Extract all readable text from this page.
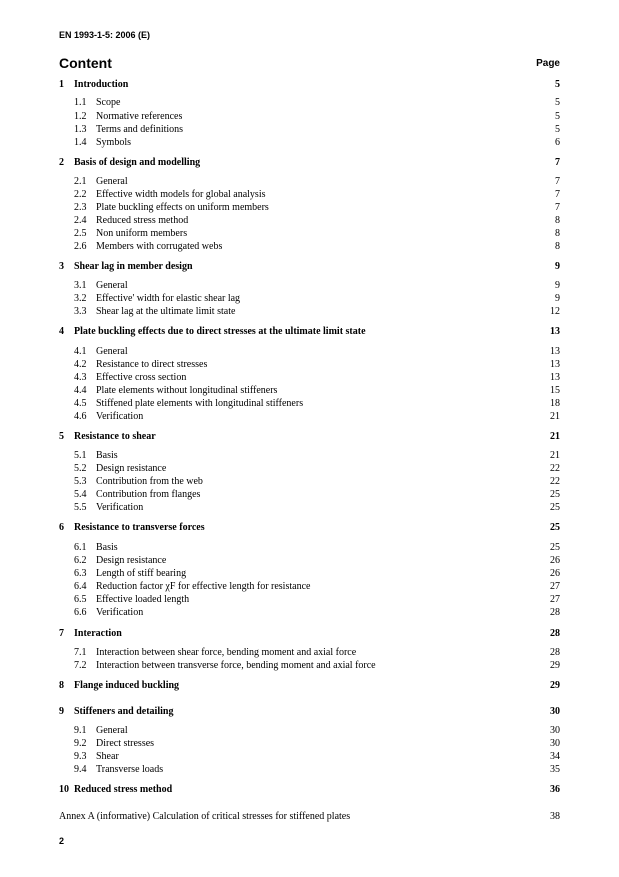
EN 1993-1-5: 2006 (E)
Content	Page
1 Introduction	5
1.1 Scope	5
1.2 Normative references	5
1.3 Terms and definitions	5
1.4 Symbols	6
2 Basis of design and modelling	7
2.1 General	7
2.2 Effective width models for global analysis	7
2.3 Plate buckling effects on uniform members	7
2.4 Reduced stress method	8
2.5 Non uniform members	8
2.6 Members with corrugated webs	8
3 Shear lag in member design	9
3.1 General	9
3.2 Effective' width for elastic shear lag	9
3.3 Shear lag at the ultimate limit state	12
4 Plate buckling effects due to direct stresses at the ultimate limit state	13
4.1 General	13
4.2 Resistance to direct stresses	13
4.3 Effective cross section	13
4.4 Plate elements without longitudinal stiffeners	15
4.5 Stiffened plate elements with longitudinal stiffeners	18
4.6 Verification	21
5 Resistance to shear	21
5.1 Basis	21
5.2 Design resistance	22
5.3 Contribution from the web	22
5.4 Contribution from flanges	25
5.5 Verification	25
6 Resistance to transverse forces	25
6.1 Basis	25
6.2 Design resistance	26
6.3 Length of stiff bearing	26
6.4 Reduction factor χF for effective length for resistance	27
6.5 Effective loaded length	27
6.6 Verification	28
7 Interaction	28
7.1 Interaction between shear force, bending moment and axial force	28
7.2 Interaction between transverse force, bending moment and axial force	29
8 Flange induced buckling	29
9 Stiffeners and detailing	30
9.1 General	30
9.2 Direct stresses	30
9.3 Shear	34
9.4 Transverse loads	35
10 Reduced stress method	36
Annex A (informative) Calculation of critical stresses for stiffened plates	38
2
